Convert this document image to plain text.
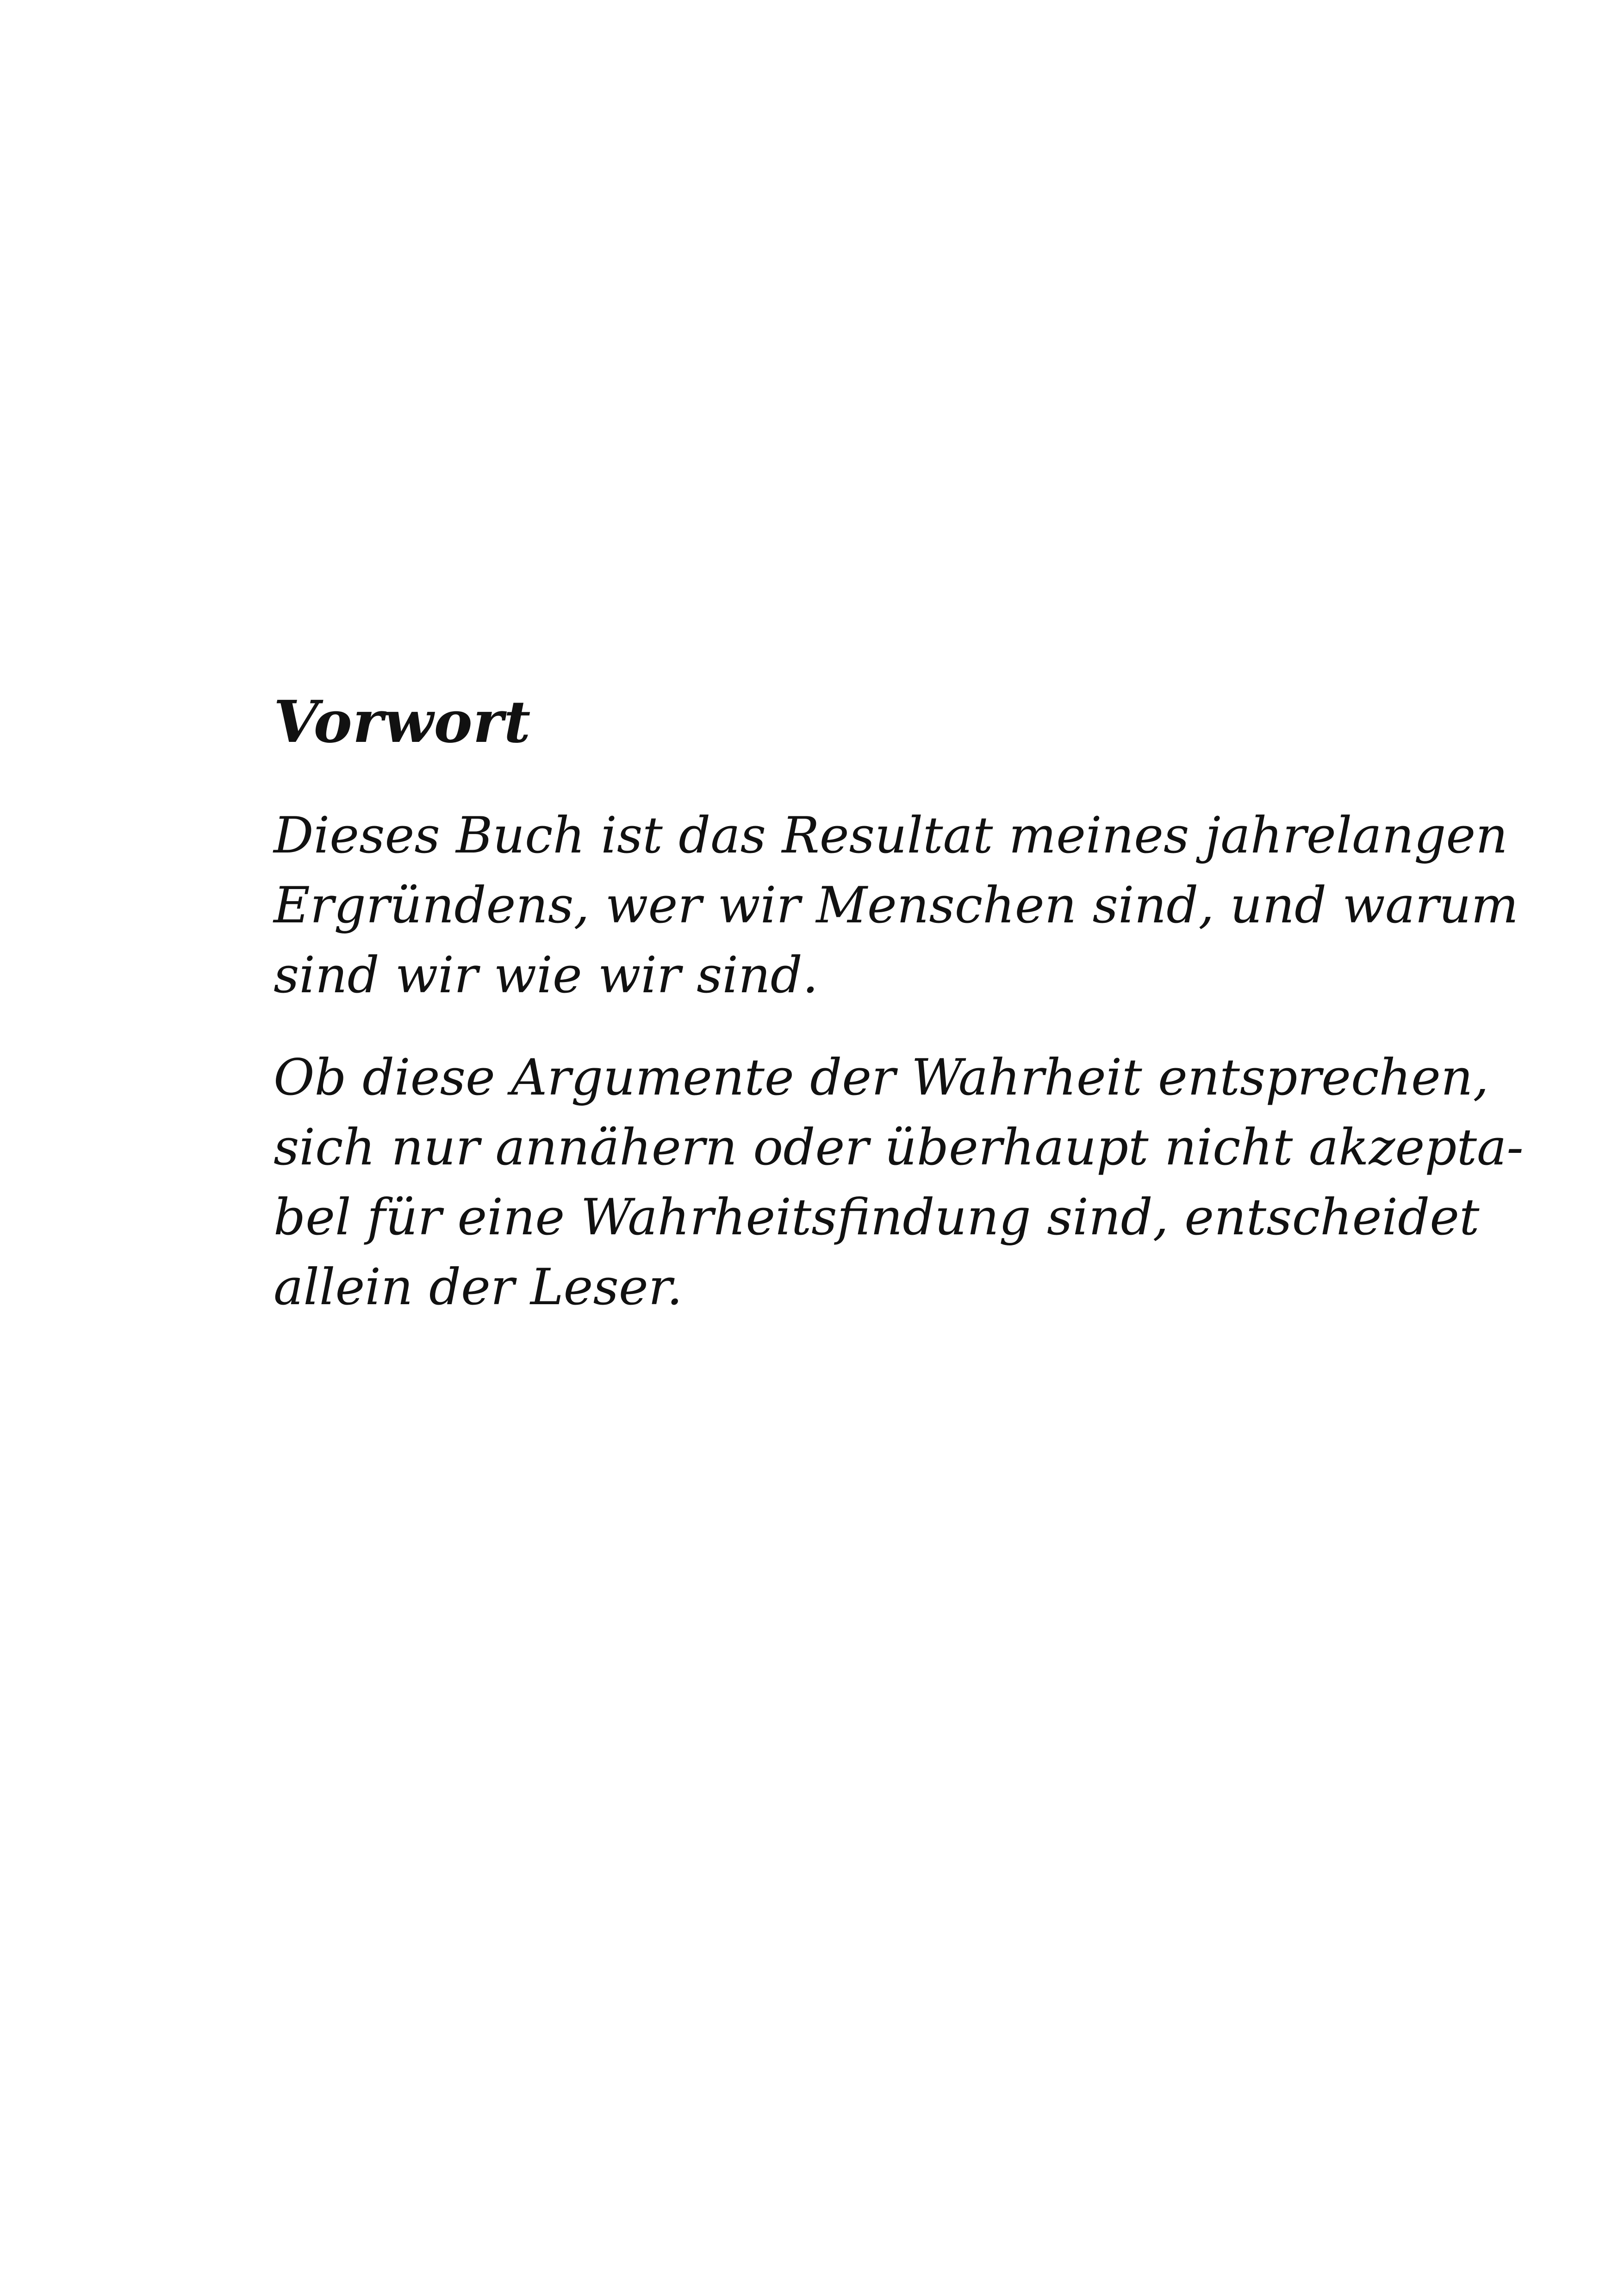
Vorwort

Dieses Buch ist das Resultat meines jahrelangen
Ergründens, wer wir Menschen sind, und warum
sind wir wie wir sind.

Ob diese Argumente der Wahrheit entsprechen,
sich nur annähern oder überhaupt nicht akzepta-
bel für eine Wahrheitsfindung sind, entscheidet
allein der Leser.
